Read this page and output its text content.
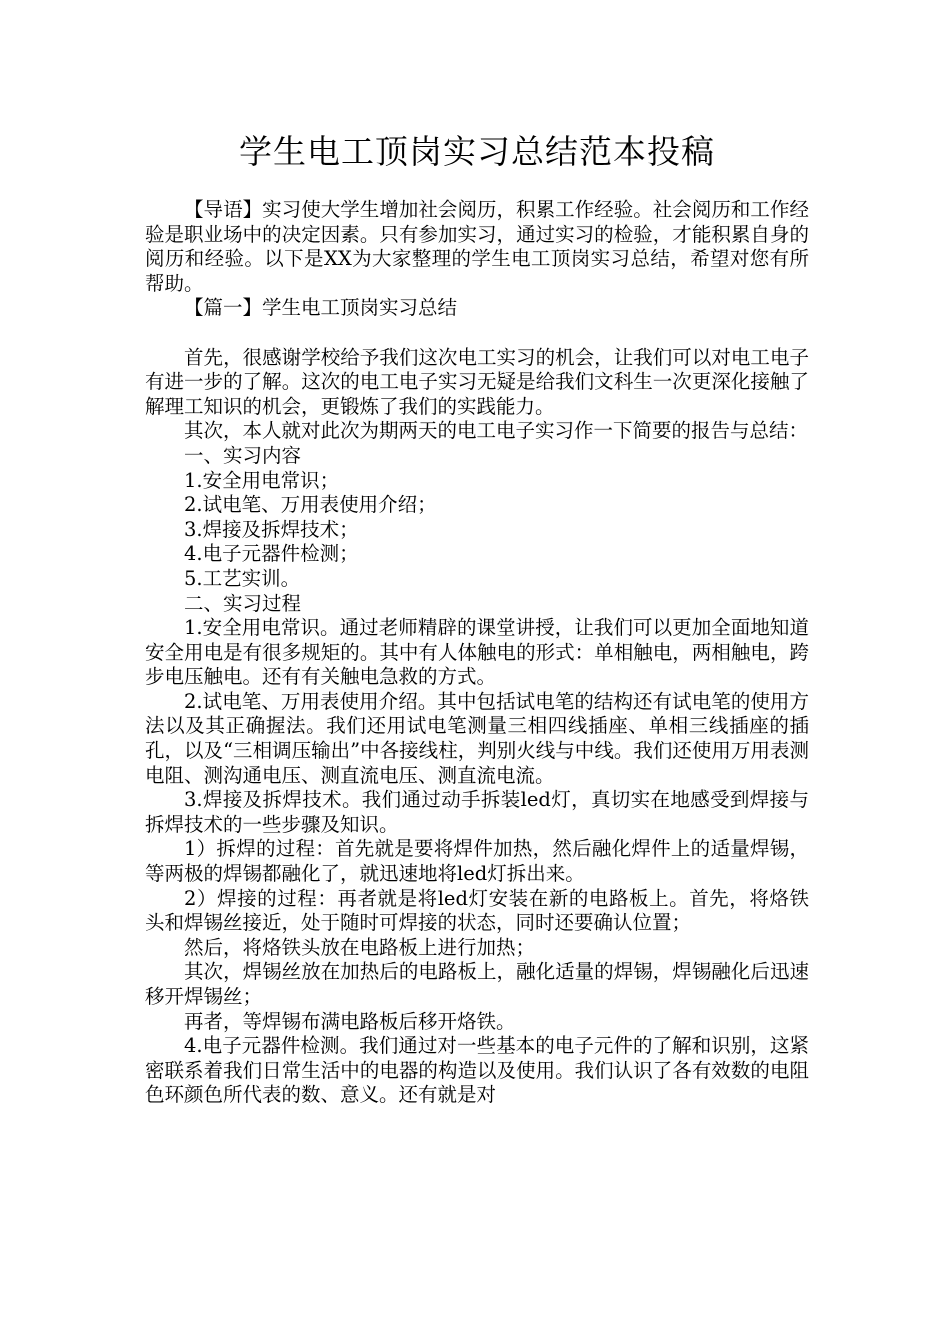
学生电工顶岗实习总结范本投稿

【导语】实习使大学生增加社会阅历，积累工作经验。社会阅历和工作经验是职业场中的决定因素。只有参加实习，通过实习的检验，才能积累自身的阅历和经验。以下是XX为大家整理的学生电工顶岗实习总结，希望对您有所帮助。

【篇一】学生电工顶岗实习总结

首先，很感谢学校给予我们这次电工实习的机会，让我们可以对电工电子有进一步的了解。这次的电工电子实习无疑是给我们文科生一次更深化接触了解理工知识的机会，更锻炼了我们的实践能力。

其次，本人就对此次为期两天的电工电子实习作一下简要的报告与总结：

一、实习内容

1.安全用电常识；

2.试电笔、万用表使用介绍；

3.焊接及拆焊技术；

4.电子元器件检测；

5.工艺实训。

二、实习过程

1.安全用电常识。通过老师精辟的课堂讲授，让我们可以更加全面地知道安全用电是有很多规矩的。其中有人体触电的形式：单相触电，两相触电，跨步电压触电。还有有关触电急救的方式。

2.试电笔、万用表使用介绍。其中包括试电笔的结构还有试电笔的使用方法以及其正确握法。我们还用试电笔测量三相四线插座、单相三线插座的插孔，以及“三相调压输出”中各接线柱，判别火线与中线。我们还使用万用表测电阻、测沟通电压、测直流电压、测直流电流。

3.焊接及拆焊技术。我们通过动手拆装led灯，真切实在地感受到焊接与拆焊技术的一些步骤及知识。

1）拆焊的过程：首先就是要将焊件加热，然后融化焊件上的适量焊锡，等两极的焊锡都融化了，就迅速地将led灯拆出来。

2）焊接的过程：再者就是将led灯安装在新的电路板上。首先，将烙铁头和焊锡丝接近，处于随时可焊接的状态，同时还要确认位置；

然后，将烙铁头放在电路板上进行加热；

其次，焊锡丝放在加热后的电路板上，融化适量的焊锡，焊锡融化后迅速移开焊锡丝；

再者，等焊锡布满电路板后移开烙铁。

4.电子元器件检测。我们通过对一些基本的电子元件的了解和识别，这紧密联系着我们日常生活中的电器的构造以及使用。我们认识了各有效数的电阻色环颜色所代表的数、意义。还有就是对
